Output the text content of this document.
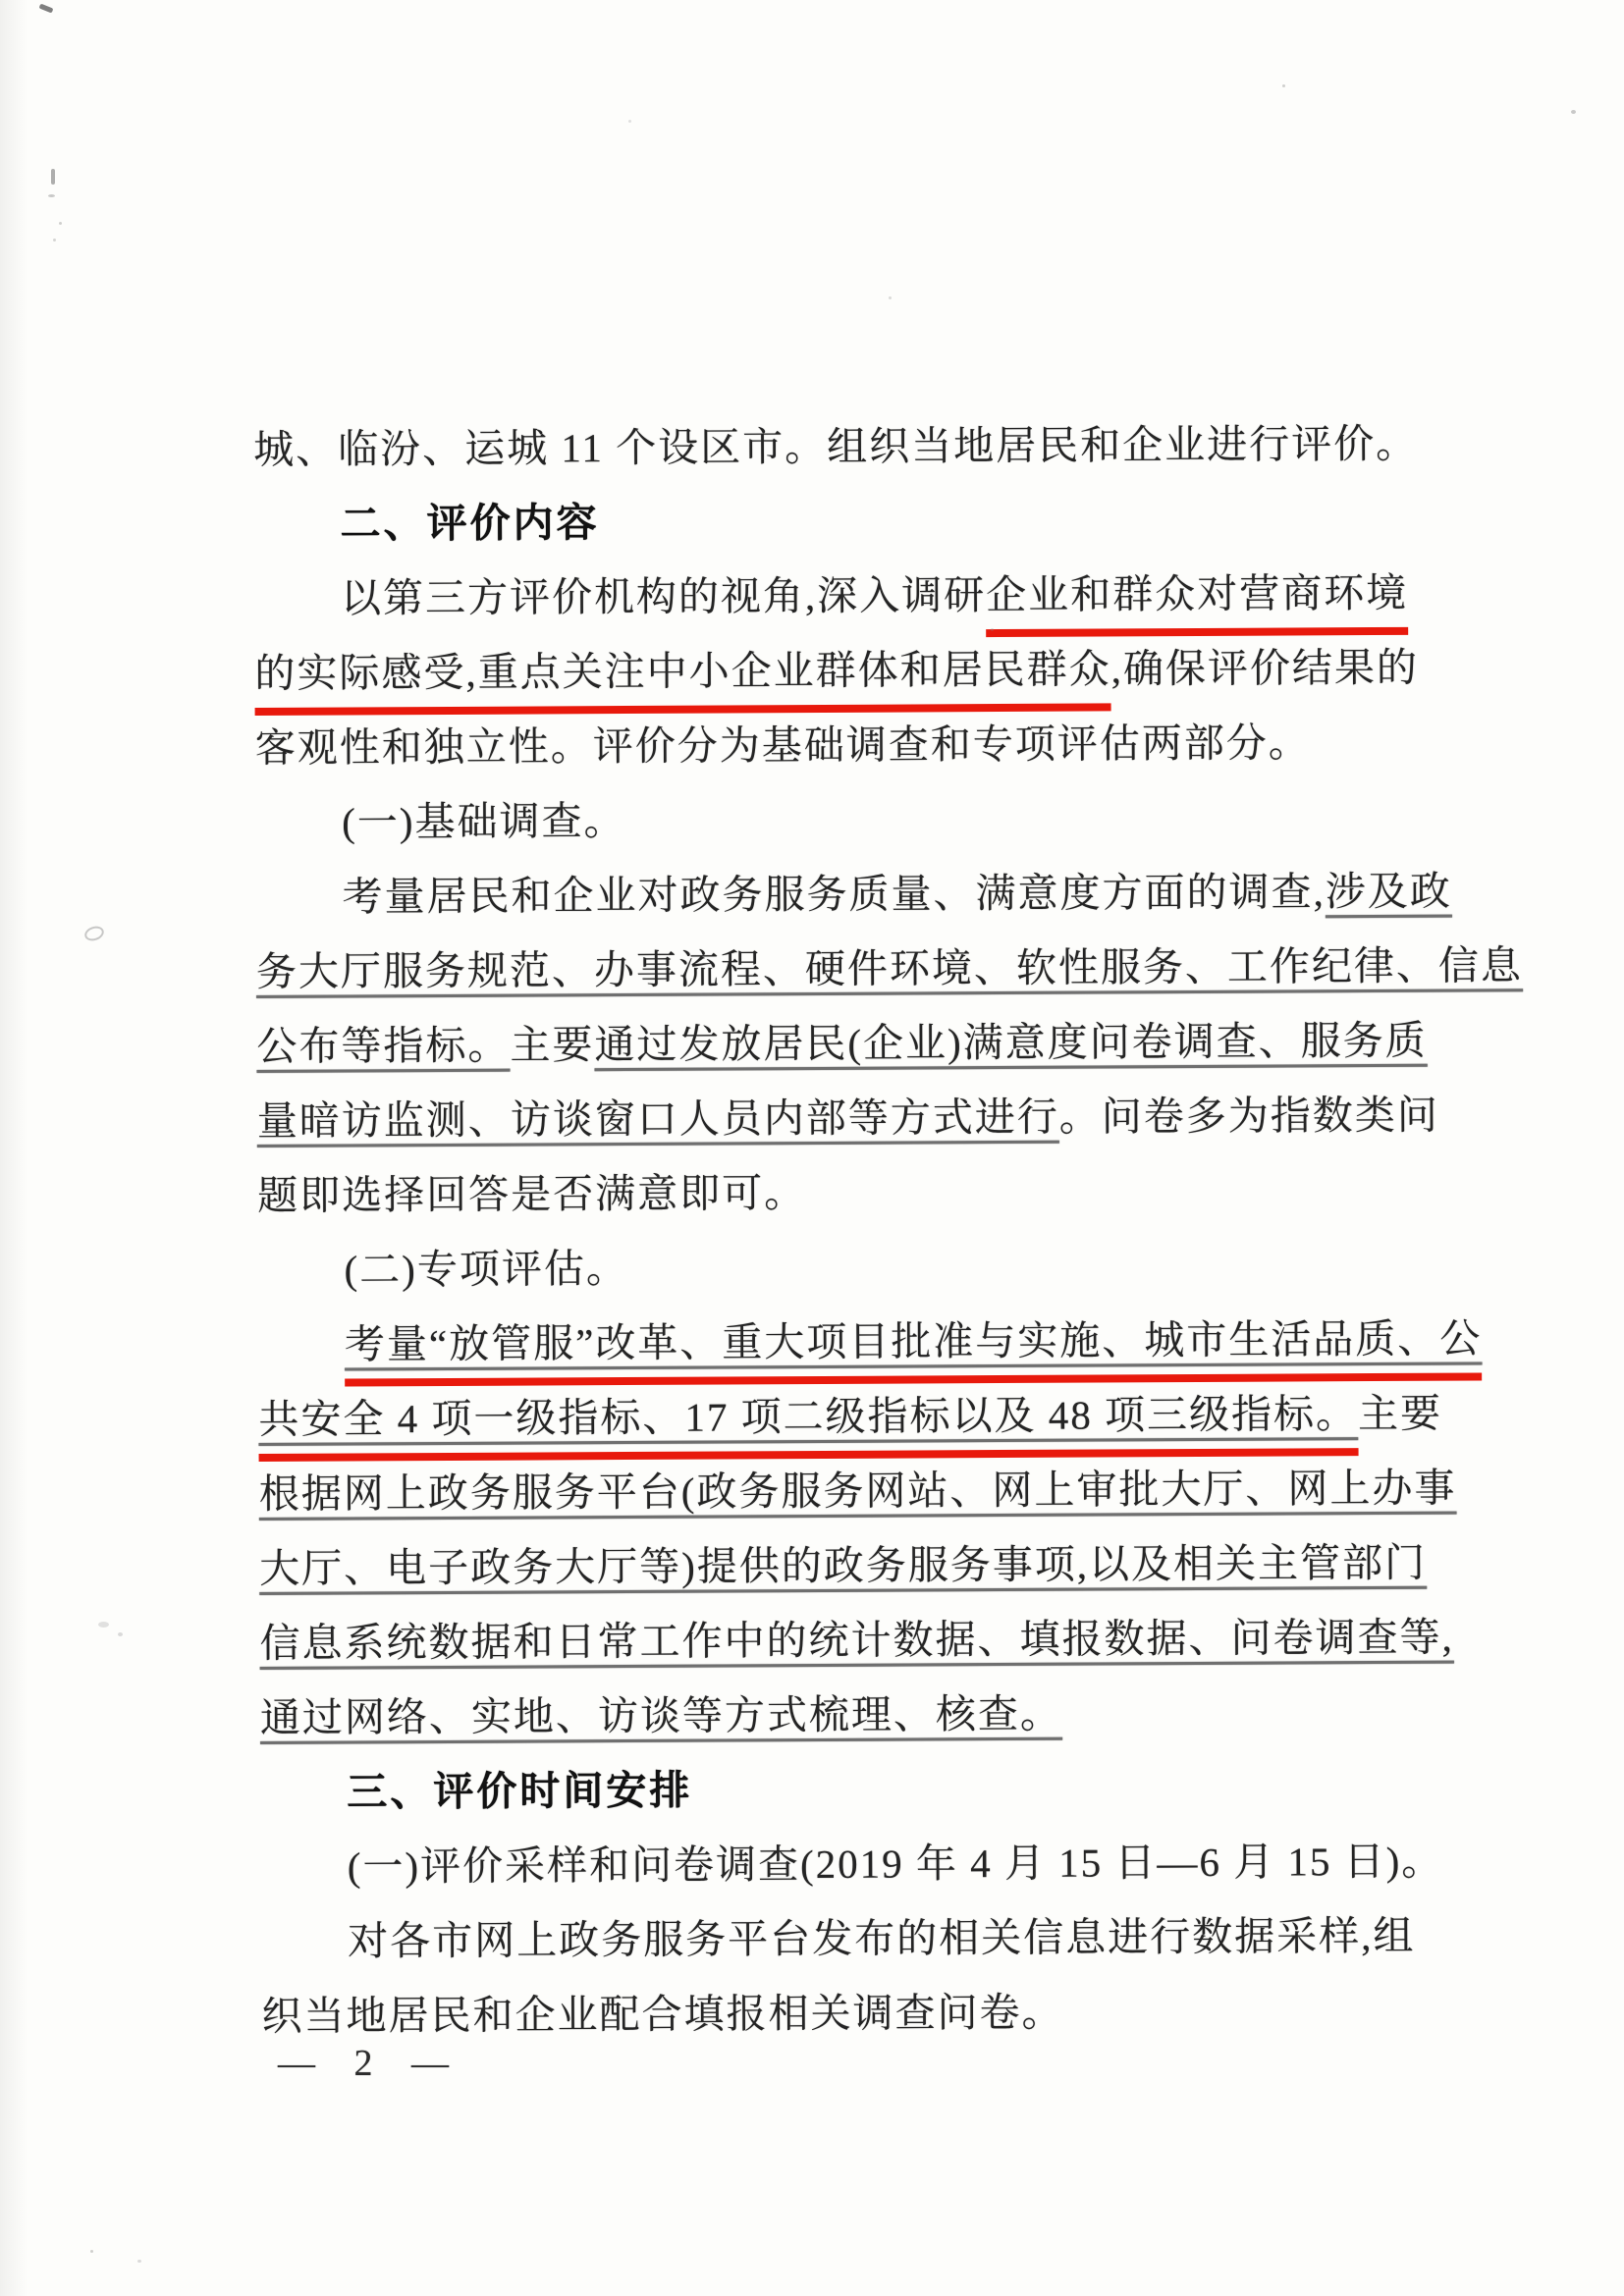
城、临汾、运城 11 个设区市。组织当地居民和企业进行评价。
二、评价内容
以第三方评价机构的视角,深入调研企业和群众对营商环境
的实际感受,重点关注中小企业群体和居民群众,确保评价结果的
客观性和独立性。评价分为基础调查和专项评估两部分。
(一)基础调查。
考量居民和企业对政务服务质量、满意度方面的调查,涉及政
务大厅服务规范、办事流程、硬件环境、软性服务、工作纪律、信息
公布等指标。主要通过发放居民(企业)满意度问卷调查、服务质
量暗访监测、访谈窗口人员内部等方式进行。问卷多为指数类问
题即选择回答是否满意即可。
(二)专项评估。
考量“放管服”改革、重大项目批准与实施、城市生活品质、公
共安全 4 项一级指标、17 项二级指标以及 48 项三级指标。主要
根据网上政务服务平台(政务服务网站、网上审批大厅、网上办事
大厅、电子政务大厅等)提供的政务服务事项,以及相关主管部门
信息系统数据和日常工作中的统计数据、填报数据、问卷调查等,
通过网络、实地、访谈等方式梳理、核查。
三、评价时间安排
(一)评价采样和问卷调查(2019 年 4 月 15 日—6 月 15 日)。
对各市网上政务服务平台发布的相关信息进行数据采样,组
织当地居民和企业配合填报相关调查问卷。
— 2 —
